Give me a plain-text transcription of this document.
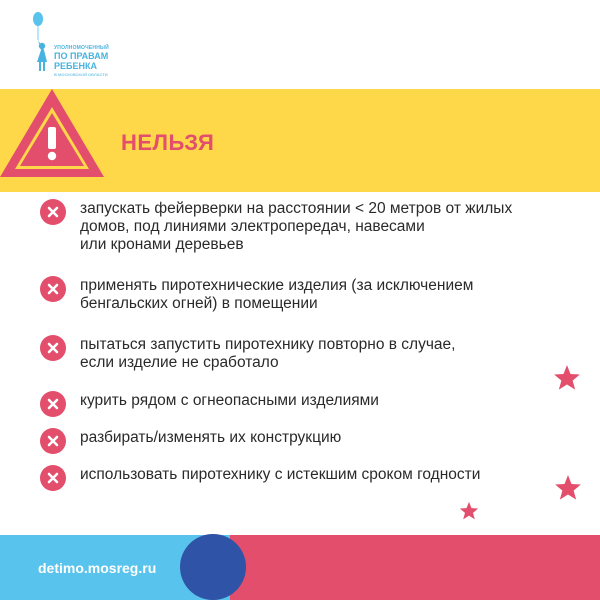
УПОЛНОМОЧЕННЫЙ
ПО ПРАВАМ
РЕБЕНКА
В МОСКОВСКОЙ ОБЛАСТИ
НЕЛЬЗЯ
запускать фейерверки на расстоянии < 20 метров от жилых
домов, под линиями электропередач, навесами
или кронами деревьев
применять пиротехнические изделия (за исключением
бенгальских огней) в помещении
пытаться запустить пиротехнику повторно в случае,
если изделие не сработало
курить рядом с огнеопасными изделиями
разбирать/изменять их конструкцию
использовать пиротехнику с истекшим сроком годности
detimo.mosreg.ru
